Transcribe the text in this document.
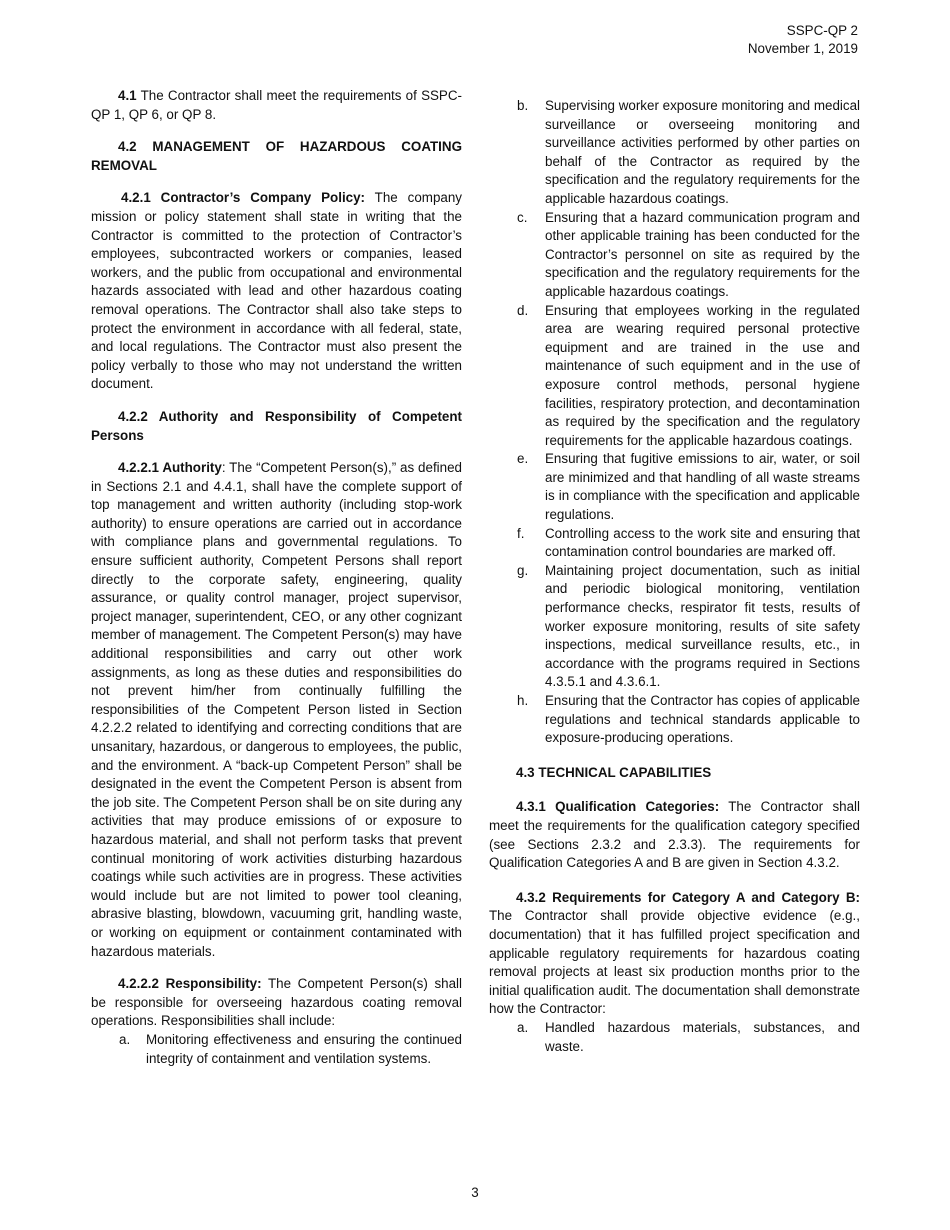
SSPC-QP 2
November 1, 2019

4.1 The Contractor shall meet the requirements of SSPC-QP 1, QP 6, or QP 8.

4.2 MANAGEMENT OF HAZARDOUS COATING REMOVAL

4.2.1 Contractor’s Company Policy: The company mission or policy statement shall state in writing that the Contractor is committed to the protection of Contractor’s employees, subcontracted workers or companies, leased workers, and the public from occupational and environmental hazards associated with lead and other hazardous coating removal operations. The Contractor shall also take steps to protect the environment in accordance with all federal, state, and local regulations. The Contractor must also present the policy verbally to those who may not understand the written document.

4.2.2 Authority and Responsibility of Competent Persons

4.2.2.1 Authority: The “Competent Person(s),” as defined in Sections 2.1 and 4.4.1, shall have the complete support of top management and written authority (including stop-work authority) to ensure operations are carried out in accordance with compliance plans and governmental regulations. To ensure sufficient authority, Competent Persons shall report directly to the corporate safety, engineering, quality assurance, or quality control manager, project supervisor, project manager, superintendent, CEO, or any other cognizant member of management. The Competent Person(s) may have additional responsibilities and carry out other work assignments, as long as these duties and responsibilities do not prevent him/her from continually fulfilling the responsibilities of the Competent Person listed in Section 4.2.2.2 related to identifying and correcting conditions that are unsanitary, hazardous, or dangerous to employees, the public, and the environment. A “back-up Competent Person” shall be designated in the event the Competent Person is absent from the job site. The Competent Person shall be on site during any activities that may produce emissions of or exposure to hazardous material, and shall not perform tasks that prevent continual monitoring of work activities disturbing hazardous coatings while such activities are in progress. These activities would include but are not limited to power tool cleaning, abrasive blasting, blowdown, vacuuming grit, handling waste, or working on equipment or containment contaminated with hazardous materials.

4.2.2.2 Responsibility: The Competent Person(s) shall be responsible for overseeing hazardous coating removal operations. Responsibilities shall include:

a. Monitoring effectiveness and ensuring the continued integrity of containment and ventilation systems.
b. Supervising worker exposure monitoring and medical surveillance or overseeing monitoring and surveillance activities performed by other parties on behalf of the Contractor as required by the specification and the regulatory requirements for the applicable hazardous coatings.
c. Ensuring that a hazard communication program and other applicable training has been conducted for the Contractor’s personnel on site as required by the specification and the regulatory requirements for the applicable hazardous coatings.
d. Ensuring that employees working in the regulated area are wearing required personal protective equipment and are trained in the use and maintenance of such equipment and in the use of exposure control methods, personal hygiene facilities, respiratory protection, and decontamination as required by the specification and the regulatory requirements for the applicable hazardous coatings.
e. Ensuring that fugitive emissions to air, water, or soil are minimized and that handling of all waste streams is in compliance with the specification and applicable regulations.
f. Controlling access to the work site and ensuring that contamination control boundaries are marked off.
g. Maintaining project documentation, such as initial and periodic biological monitoring, ventilation performance checks, respirator fit tests, results of worker exposure monitoring, results of site safety inspections, medical surveillance results, etc., in accordance with the programs required in Sections 4.3.5.1 and 4.3.6.1.
h. Ensuring that the Contractor has copies of applicable regulations and technical standards applicable to exposure-producing operations.

4.3 TECHNICAL CAPABILITIES

4.3.1 Qualification Categories: The Contractor shall meet the requirements for the qualification category specified (see Sections 2.3.2 and 2.3.3). The requirements for Qualification Categories A and B are given in Section 4.3.2.

4.3.2 Requirements for Category A and Category B: The Contractor shall provide objective evidence (e.g., documentation) that it has fulfilled project specification and applicable regulatory requirements for hazardous coating removal projects at least six production months prior to the initial qualification audit. The documentation shall demonstrate how the Contractor:

a. Handled hazardous materials, substances, and waste.
3
